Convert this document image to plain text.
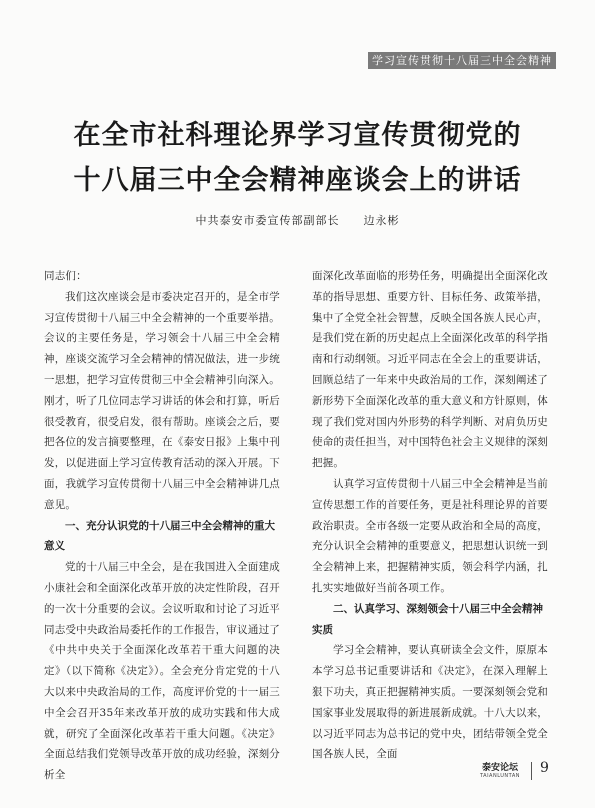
学习宣传贯彻十八届三中全会精神
在全市社科理论界学习宣传贯彻党的
十八届三中全会精神座谈会上的讲话
中共泰安市委宣传部副部长 边永彬

同志们：

我们这次座谈会是市委决定召开的，是全市学习宣传贯彻十八届三中全会精神的一个重要举措。会议的主要任务是，学习领会十八届三中全会精神，座谈交流学习全会精神的情况做法，进一步统一思想，把学习宣传贯彻三中全会精神引向深入。刚才，听了几位同志学习讲话的体会和打算，听后很受教育，很受启发，很有帮助。座谈会之后，要把各位的发言摘要整理，在《泰安日报》上集中刊发，以促进面上学习宣传教育活动的深入开展。下面，我就学习宣传贯彻十八届三中全会精神讲几点意见。

一、充分认识党的十八届三中全会精神的重大意义

党的十八届三中全会，是在我国进入全面建成小康社会和全面深化改革开放的决定性阶段，召开的一次十分重要的会议。会议听取和讨论了习近平同志受中央政治局委托作的工作报告，审议通过了《中共中央关于全面深化改革若干重大问题的决定》（以下简称《决定》）。全会充分肯定党的十八大以来中央政治局的工作，高度评价党的十一届三中全会召开35年来改革开放的成功实践和伟大成就，研究了全面深化改革若干重大问题。《决定》全面总结我们党领导改革开放的成功经验，深刻分析全

面深化改革面临的形势任务，明确提出全面深化改革的指导思想、重要方针、目标任务、政策举措，集中了全党全社会智慧，反映全国各族人民心声，是我们党在新的历史起点上全面深化改革的科学指南和行动纲领。习近平同志在全会上的重要讲话，回顾总结了一年来中央政治局的工作，深刻阐述了新形势下全面深化改革的重大意义和方针原则，体现了我们党对国内外形势的科学判断、对肩负历史使命的责任担当，对中国特色社会主义规律的深刻把握。

认真学习宣传贯彻十八届三中全会精神是当前宣传思想工作的首要任务，更是社科理论界的首要政治职责。全市各级一定要从政治和全局的高度，充分认识全会精神的重要意义，把思想认识统一到全会精神上来，把握精神实质，领会科学内涵，扎扎实实地做好当前各项工作。

二、认真学习、深刻领会十八届三中全会精神实质

学习全会精神，要认真研读全会文件，原原本本学习总书记重要讲话和《决定》，在深入理解上狠下功夫，真正把握精神实质。一要深刻领会党和国家事业发展取得的新进展新成就。十八大以来，以习近平同志为总书记的党中央，团结带领全党全国各族人民，全面

泰安论坛
TAIANLUNTAN 9
